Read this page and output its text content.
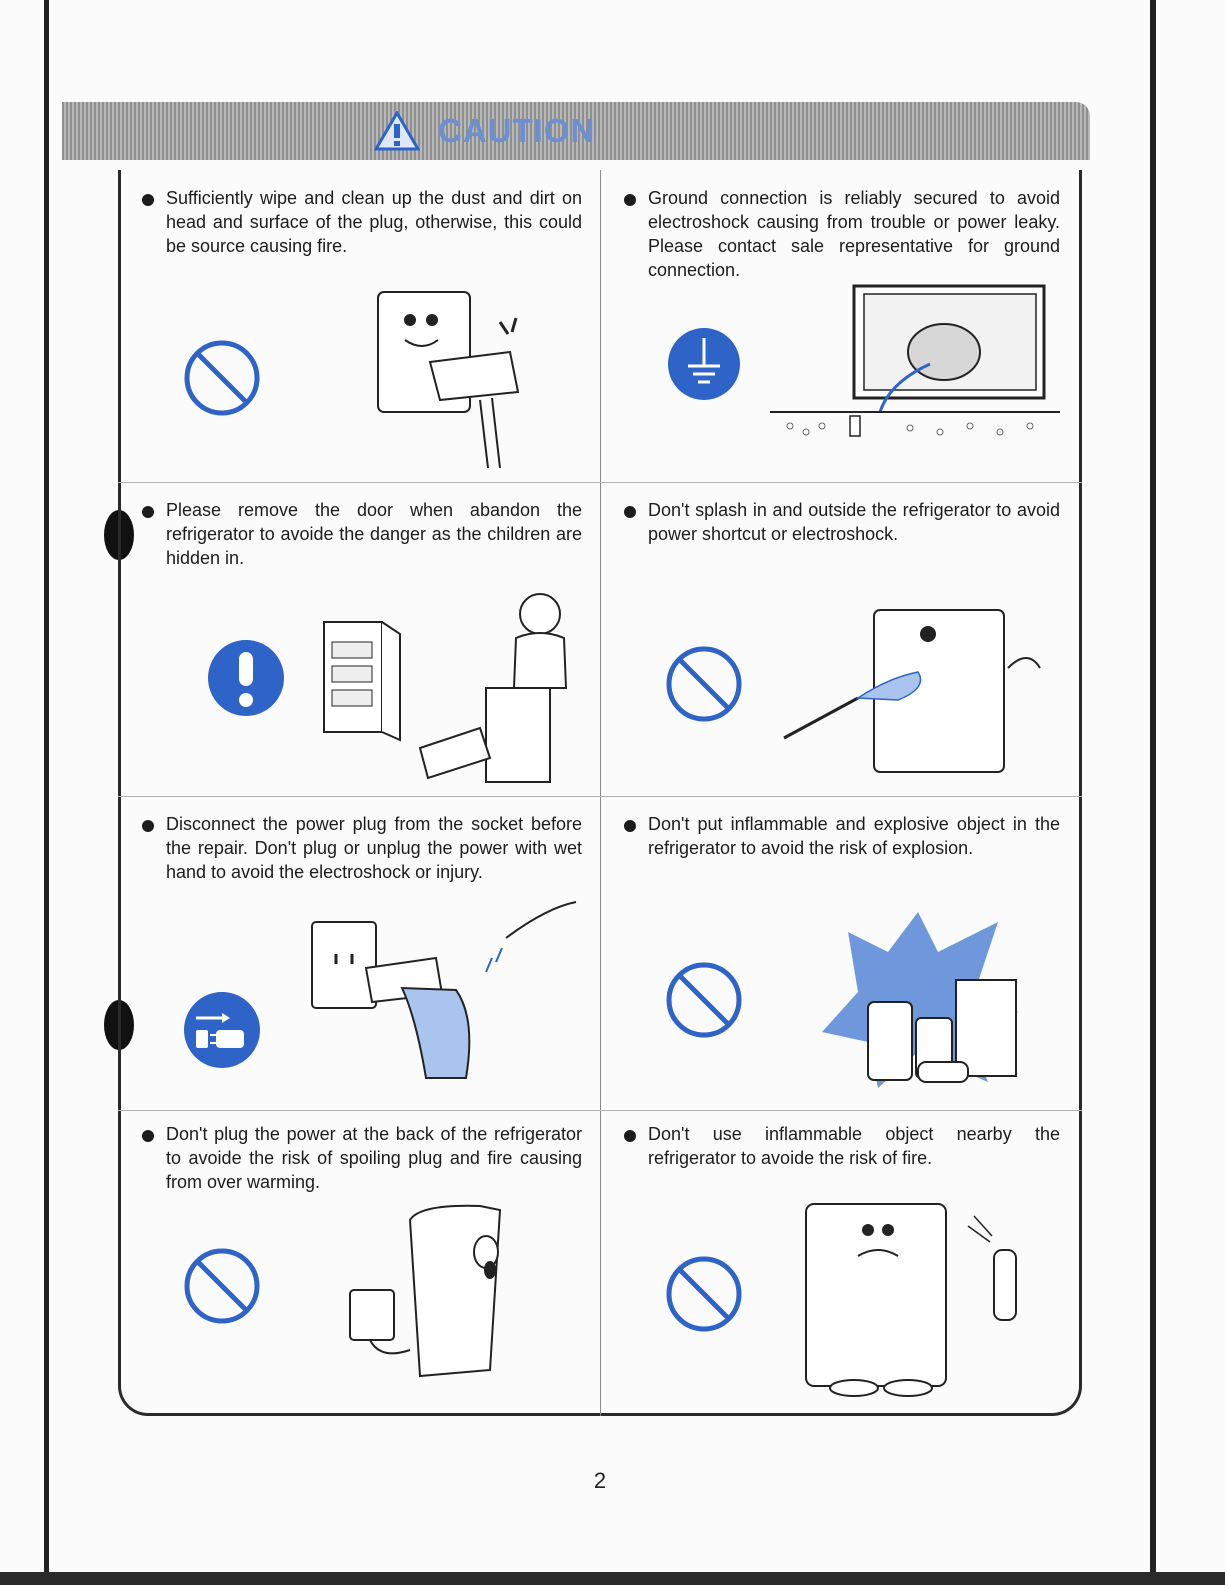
CAUTION

Sufficiently wipe and clean up the dust and dirt on head and surface of the plug, otherwise, this could be source causing fire.

Ground connection is reliably secured to avoid electroshock causing from trouble or power leaky. Please contact sale representative for ground connection.

Please remove the door when abandon the refrigerator to avoide the danger as the children are hidden in.

Don't splash in and outside the refrigerator to avoid power shortcut or electroshock.

Disconnect the power plug from the socket before the repair. Don't plug or unplug the power with wet hand to avoid the electroshock or injury.

Don't put inflammable and explosive object in the refrigerator to avoid the risk of explosion.

Don't plug the power at the back of the refrigerator to avoide the risk of spoiling plug and fire causing from over warming.

Don't use inflammable object nearby the refrigerator to avoide the risk of fire.

2
